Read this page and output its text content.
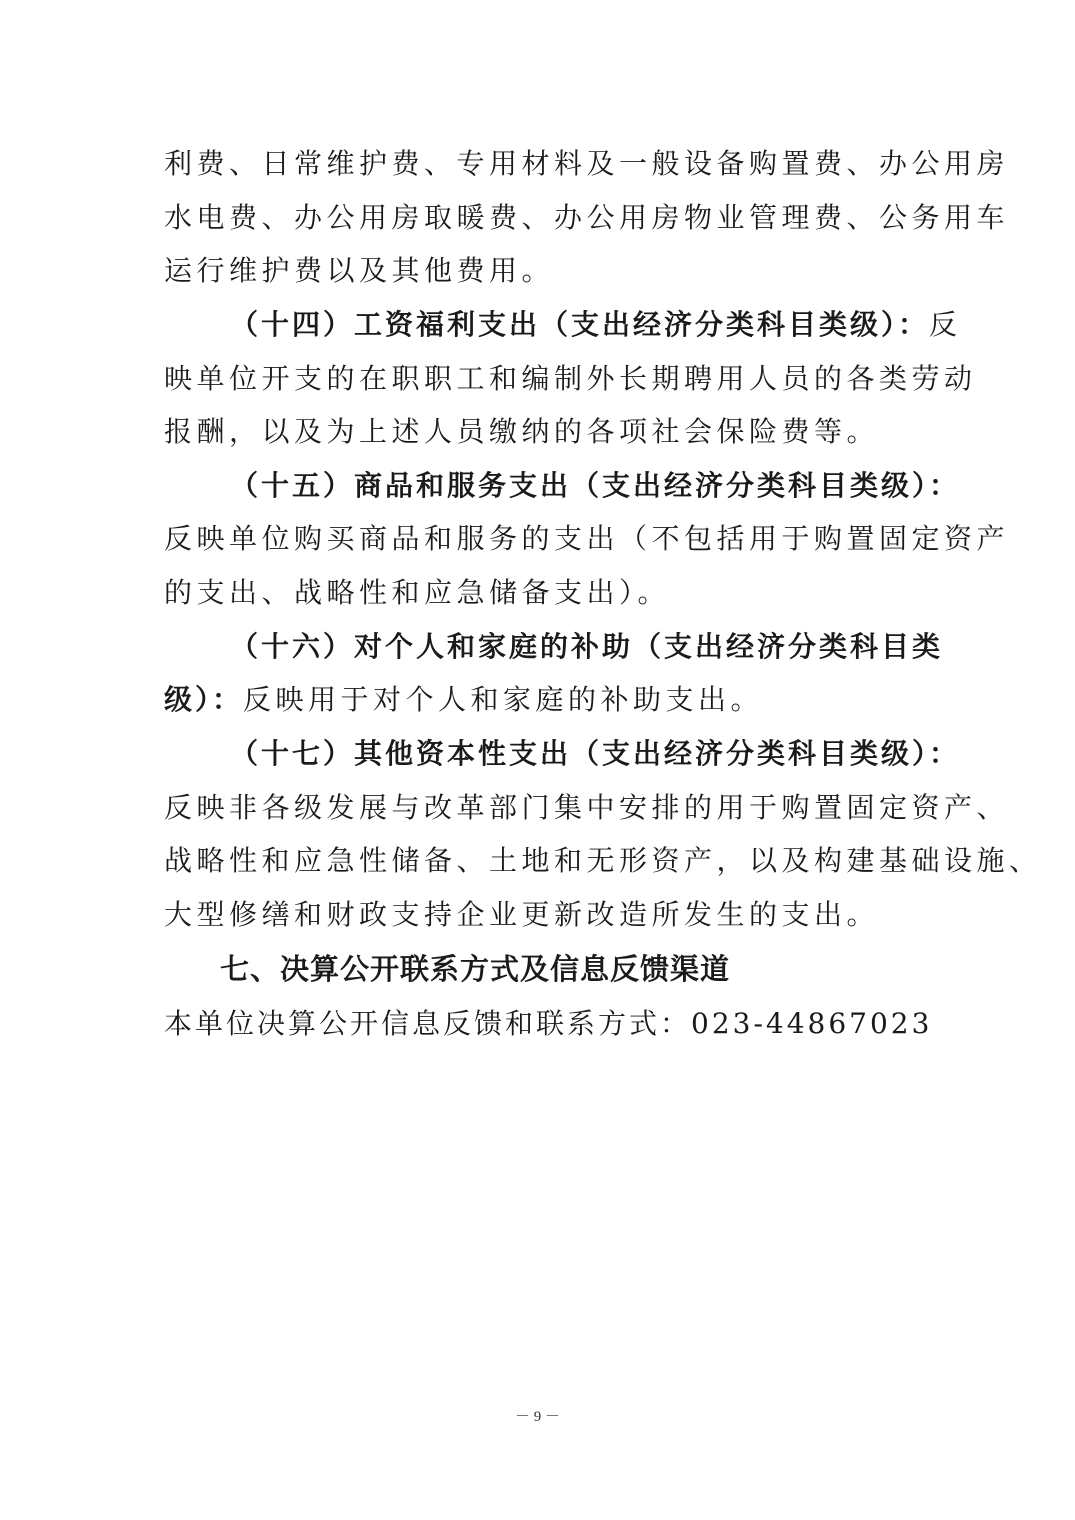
利费、日常维护费、专用材料及一般设备购置费、办公用房
水电费、办公用房取暖费、办公用房物业管理费、公务用车
运行维护费以及其他费用。
（十四）工资福利支出（支出经济分类科目类级）：反
映单位开支的在职职工和编制外长期聘用人员的各类劳动
报酬，以及为上述人员缴纳的各项社会保险费等。
（十五）商品和服务支出（支出经济分类科目类级）：
反映单位购买商品和服务的支出（不包括用于购置固定资产
的支出、战略性和应急储备支出）。
（十六）对个人和家庭的补助（支出经济分类科目类
级）：反映用于对个人和家庭的补助支出。
（十七）其他资本性支出（支出经济分类科目类级）：
反映非各级发展与改革部门集中安排的用于购置固定资产、
战略性和应急性储备、土地和无形资产，以及构建基础设施、
大型修缮和财政支持企业更新改造所发生的支出。
七、决算公开联系方式及信息反馈渠道
本单位决算公开信息反馈和联系方式：023-44867023
－ 9 －
